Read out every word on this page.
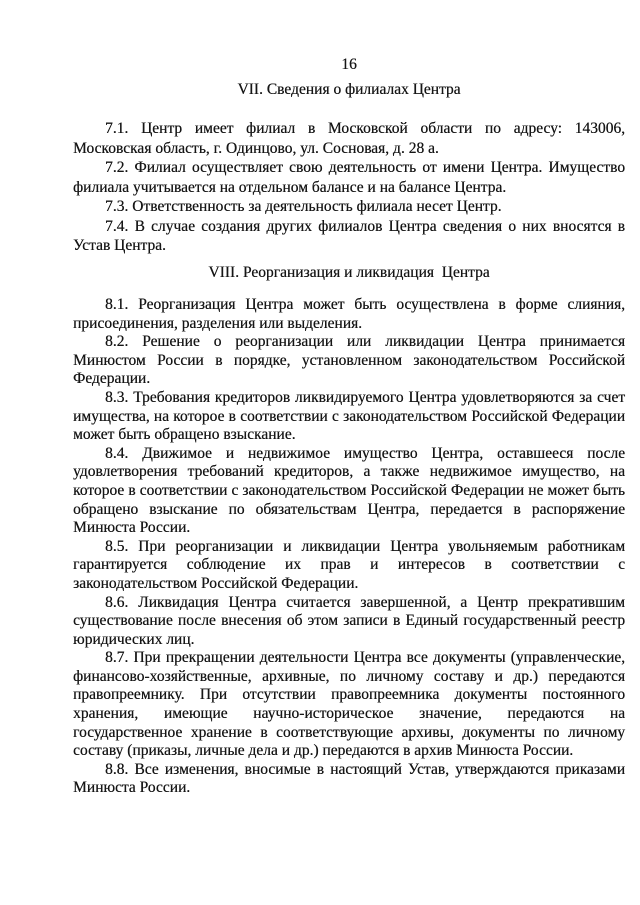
16
VII. Сведения о филиалах Центра

7.1. Центр имеет филиал в Московской области по адресу: 143006, Московская область, г. Одинцово, ул. Сосновая, д. 28 а.

7.2. Филиал осуществляет свою деятельность от имени Центра. Имущество филиала учитывается на отдельном балансе и на балансе Центра.

7.3. Ответственность за деятельность филиала несет Центр.

7.4. В случае создания других филиалов Центра сведения о них вносятся в Устав Центра.

VIII. Реорганизация и ликвидация  Центра

8.1. Реорганизация Центра может быть осуществлена в форме слияния, присоединения, разделения или выделения.

8.2. Решение о реорганизации или ликвидации Центра принимается Минюстом России в порядке, установленном законодательством Российской Федерации.

8.3. Требования кредиторов ликвидируемого Центра удовлетворяются за счет имущества, на которое в соответствии с законодательством Российской Федерации может быть обращено взыскание.

8.4. Движимое и недвижимое имущество Центра, оставшееся после удовлетворения требований кредиторов, а также недвижимое имущество, на которое в соответствии с законодательством Российской Федерации не может быть обращено взыскание по обязательствам Центра, передается в распоряжение Минюста России.

8.5. При реорганизации и ликвидации Центра увольняемым работникам гарантируется соблюдение их прав и интересов в соответствии с законодательством Российской Федерации.

8.6. Ликвидация Центра считается завершенной, а Центр прекратившим существование после внесения об этом записи в Единый государственный реестр юридических лиц.

8.7. При прекращении деятельности Центра все документы (управленческие, финансово-хозяйственные, архивные, по личному составу и др.) передаются правопреемнику. При отсутствии правопреемника документы постоянного хранения, имеющие научно-историческое значение, передаются на государственное хранение в соответствующие архивы, документы по личному составу (приказы, личные дела и др.) передаются в архив Минюста России.

8.8. Все изменения, вносимые в настоящий Устав, утверждаются приказами Минюста России.
